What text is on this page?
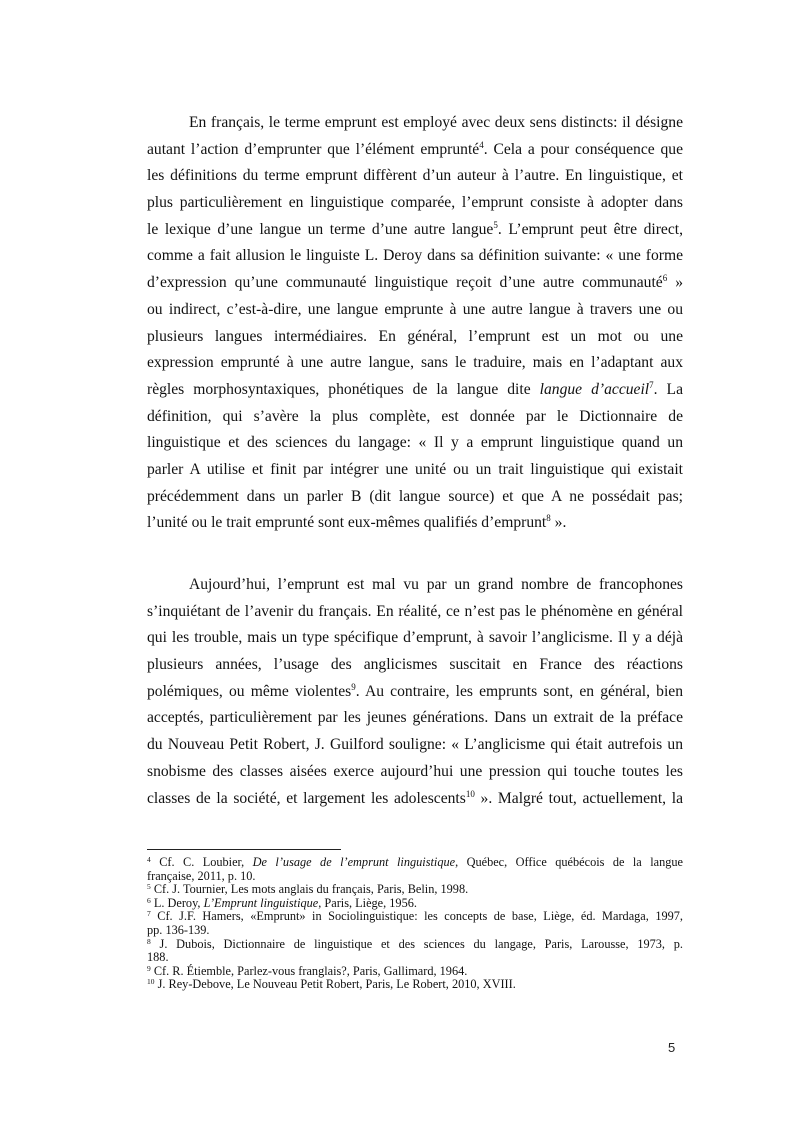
En français, le terme emprunt est employé avec deux sens distincts: il désigne
autant l’action d’emprunter que l’élément emprunté$^4$. Cela a pour conséquence que
les définitions du terme emprunt diffèrent d’un auteur à l’autre. En linguistique, et
plus particulièrement en linguistique comparée, l’emprunt consiste à adopter dans
le lexique d’une langue un terme d’une autre langue$^5$. L’emprunt peut être direct,
comme a fait allusion le linguiste L. Deroy dans sa définition suivante: « une forme
d’expression qu’une communauté linguistique reçoit d’une autre communauté$^6$ »
ou indirect, c’est-à-dire, une langue emprunte à une autre langue à travers une ou
plusieurs langues intermédiaires. En général, l’emprunt est un mot ou une
expression emprunté à une autre langue, sans le traduire, mais en l’adaptant aux
règles morphosyntaxiques, phonétiques de la langue dite langue d’accueil$^7$. La
définition, qui s’avère la plus complète, est donnée par le Dictionnaire de
linguistique et des sciences du langage: « Il y a emprunt linguistique quand un
parler A utilise et finit par intégrer une unité ou un trait linguistique qui existait
précédemment dans un parler B (dit langue source) et que A ne possédait pas;
l’unité ou le trait emprunté sont eux-mêmes qualifiés d’emprunt$^8$ ».
Aujourd’hui, l’emprunt est mal vu par un grand nombre de francophones
s’inquiétant de l’avenir du français. En réalité, ce n’est pas le phénomène en général
qui les trouble, mais un type spécifique d’emprunt, à savoir l’anglicisme. Il y a déjà
plusieurs années, l’usage des anglicismes suscitait en France des réactions
polémiques, ou même violentes$^9$. Au contraire, les emprunts sont, en général, bien
acceptés, particulièrement par les jeunes générations. Dans un extrait de la préface
du Nouveau Petit Robert, J. Guilford souligne: « L’anglicisme qui était autrefois un
snobisme des classes aisées exerce aujourd’hui une pression qui touche toutes les
classes de la société, et largement les adolescents$^{10}$ ». Malgré tout, actuellement, la
$^4$ Cf. C. Loubier, De l’usage de l’emprunt linguistique, Québec, Office québécois de la langue
française, 2011, p. 10.
$^5$ Cf. J. Tournier, Les mots anglais du français, Paris, Belin, 1998.
$^6$ L. Deroy, L’Emprunt linguistique, Paris, Liège, 1956.
$^7$ Cf. J.F. Hamers, «Emprunt» in Sociolinguistique: les concepts de base, Liège, éd. Mardaga, 1997,
pp. 136-139.
$^8$ J. Dubois, Dictionnaire de linguistique et des sciences du langage, Paris, Larousse, 1973, p.
188.
$^9$ Cf. R. Étiemble, Parlez-vous franglais?, Paris, Gallimard, 1964.
$^{10}$ J. Rey-Debove, Le Nouveau Petit Robert, Paris, Le Robert, 2010, XVIII.
5
